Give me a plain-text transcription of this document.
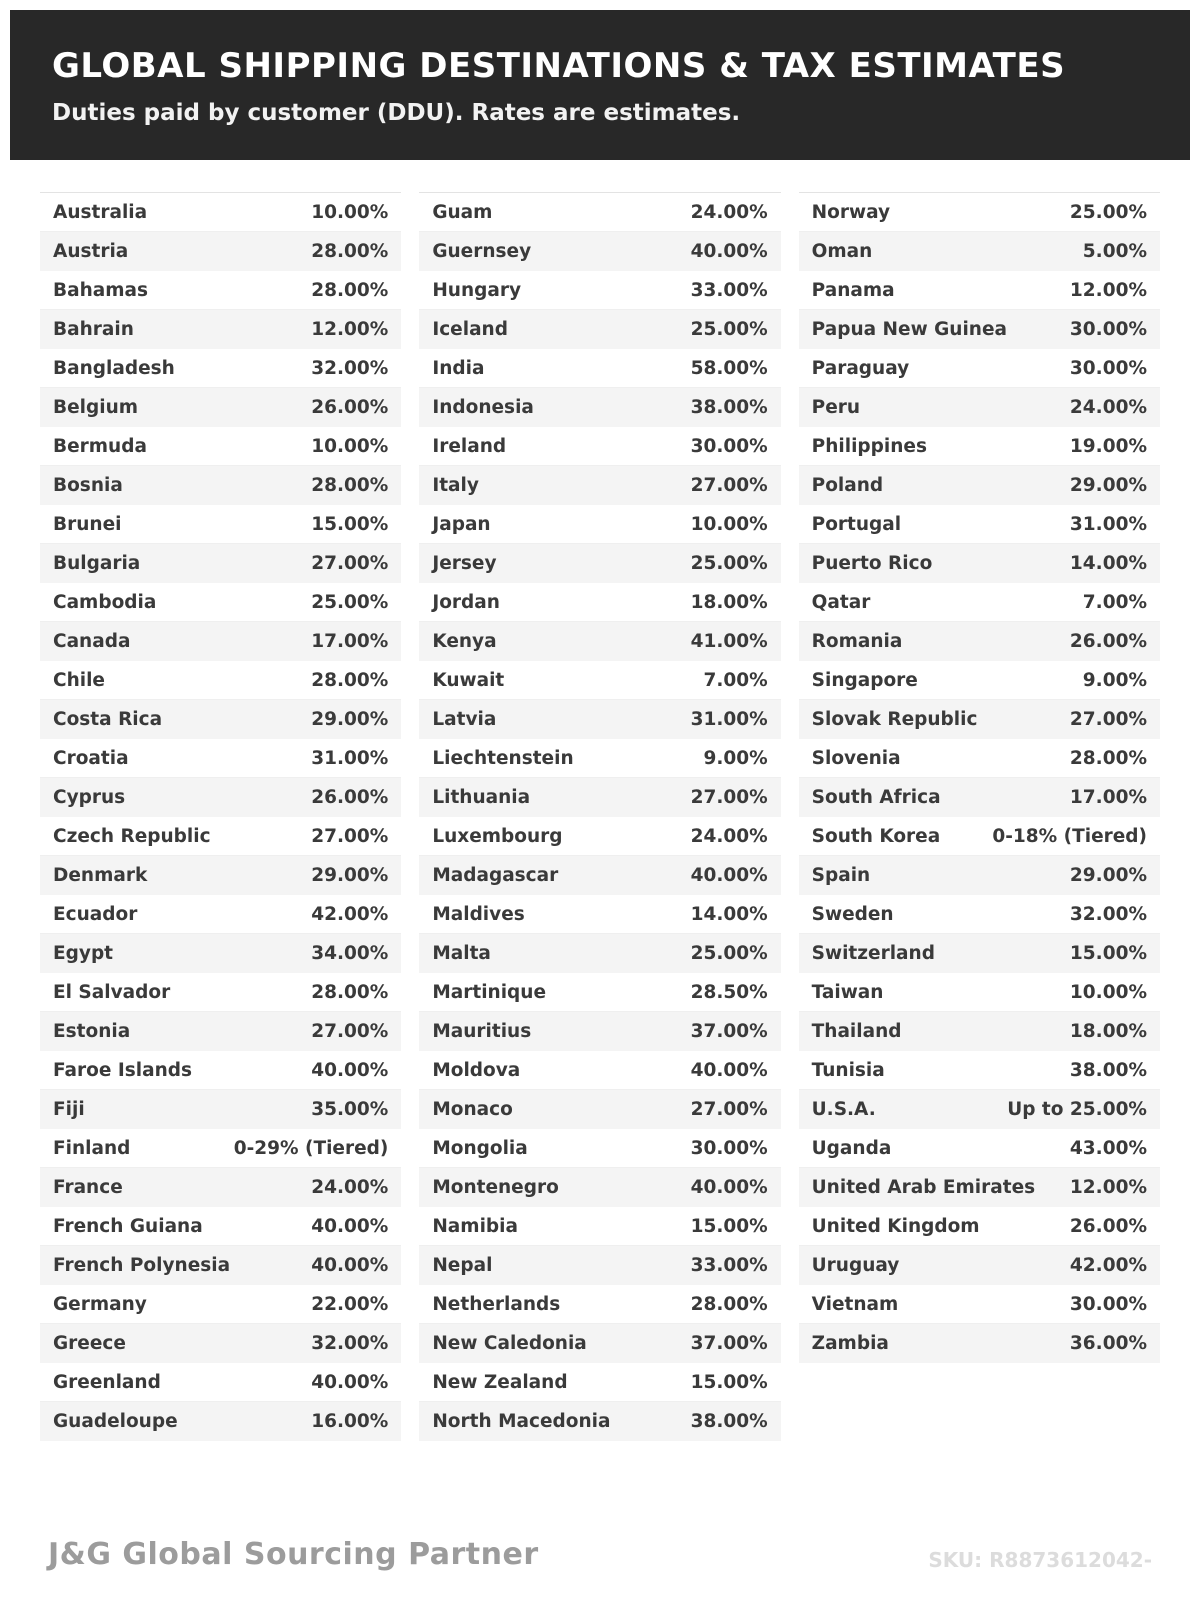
GLOBAL SHIPPING DESTINATIONS & TAX ESTIMATES
Duties paid by customer (DDU). Rates are estimates.
Australia	10.00%
Austria	28.00%
Bahamas	28.00%
Bahrain	12.00%
Bangladesh	32.00%
Belgium	26.00%
Bermuda	10.00%
Bosnia	28.00%
Brunei	15.00%
Bulgaria	27.00%
Cambodia	25.00%
Canada	17.00%
Chile	28.00%
Costa Rica	29.00%
Croatia	31.00%
Cyprus	26.00%
Czech Republic	27.00%
Denmark	29.00%
Ecuador	42.00%
Egypt	34.00%
El Salvador	28.00%
Estonia	27.00%
Faroe Islands	40.00%
Fiji	35.00%
Finland	0-29% (Tiered)
France	24.00%
French Guiana	40.00%
French Polynesia	40.00%
Germany	22.00%
Greece	32.00%
Greenland	40.00%
Guadeloupe	16.00%
Guam	24.00%
Guernsey	40.00%
Hungary	33.00%
Iceland	25.00%
India	58.00%
Indonesia	38.00%
Ireland	30.00%
Italy	27.00%
Japan	10.00%
Jersey	25.00%
Jordan	18.00%
Kenya	41.00%
Kuwait	7.00%
Latvia	31.00%
Liechtenstein	9.00%
Lithuania	27.00%
Luxembourg	24.00%
Madagascar	40.00%
Maldives	14.00%
Malta	25.00%
Martinique	28.50%
Mauritius	37.00%
Moldova	40.00%
Monaco	27.00%
Mongolia	30.00%
Montenegro	40.00%
Namibia	15.00%
Nepal	33.00%
Netherlands	28.00%
New Caledonia	37.00%
New Zealand	15.00%
North Macedonia	38.00%
Norway	25.00%
Oman	5.00%
Panama	12.00%
Papua New Guinea	30.00%
Paraguay	30.00%
Peru	24.00%
Philippines	19.00%
Poland	29.00%
Portugal	31.00%
Puerto Rico	14.00%
Qatar	7.00%
Romania	26.00%
Singapore	9.00%
Slovak Republic	27.00%
Slovenia	28.00%
South Africa	17.00%
South Korea	0-18% (Tiered)
Spain	29.00%
Sweden	32.00%
Switzerland	15.00%
Taiwan	10.00%
Thailand	18.00%
Tunisia	38.00%
U.S.A.	Up to 25.00%
Uganda	43.00%
United Arab Emirates 12.00%
United Kingdom	26.00%
Uruguay	42.00%
Vietnam	30.00%
Zambia	36.00%
J&G Global Sourcing Partner	SKU: R8873612042-
